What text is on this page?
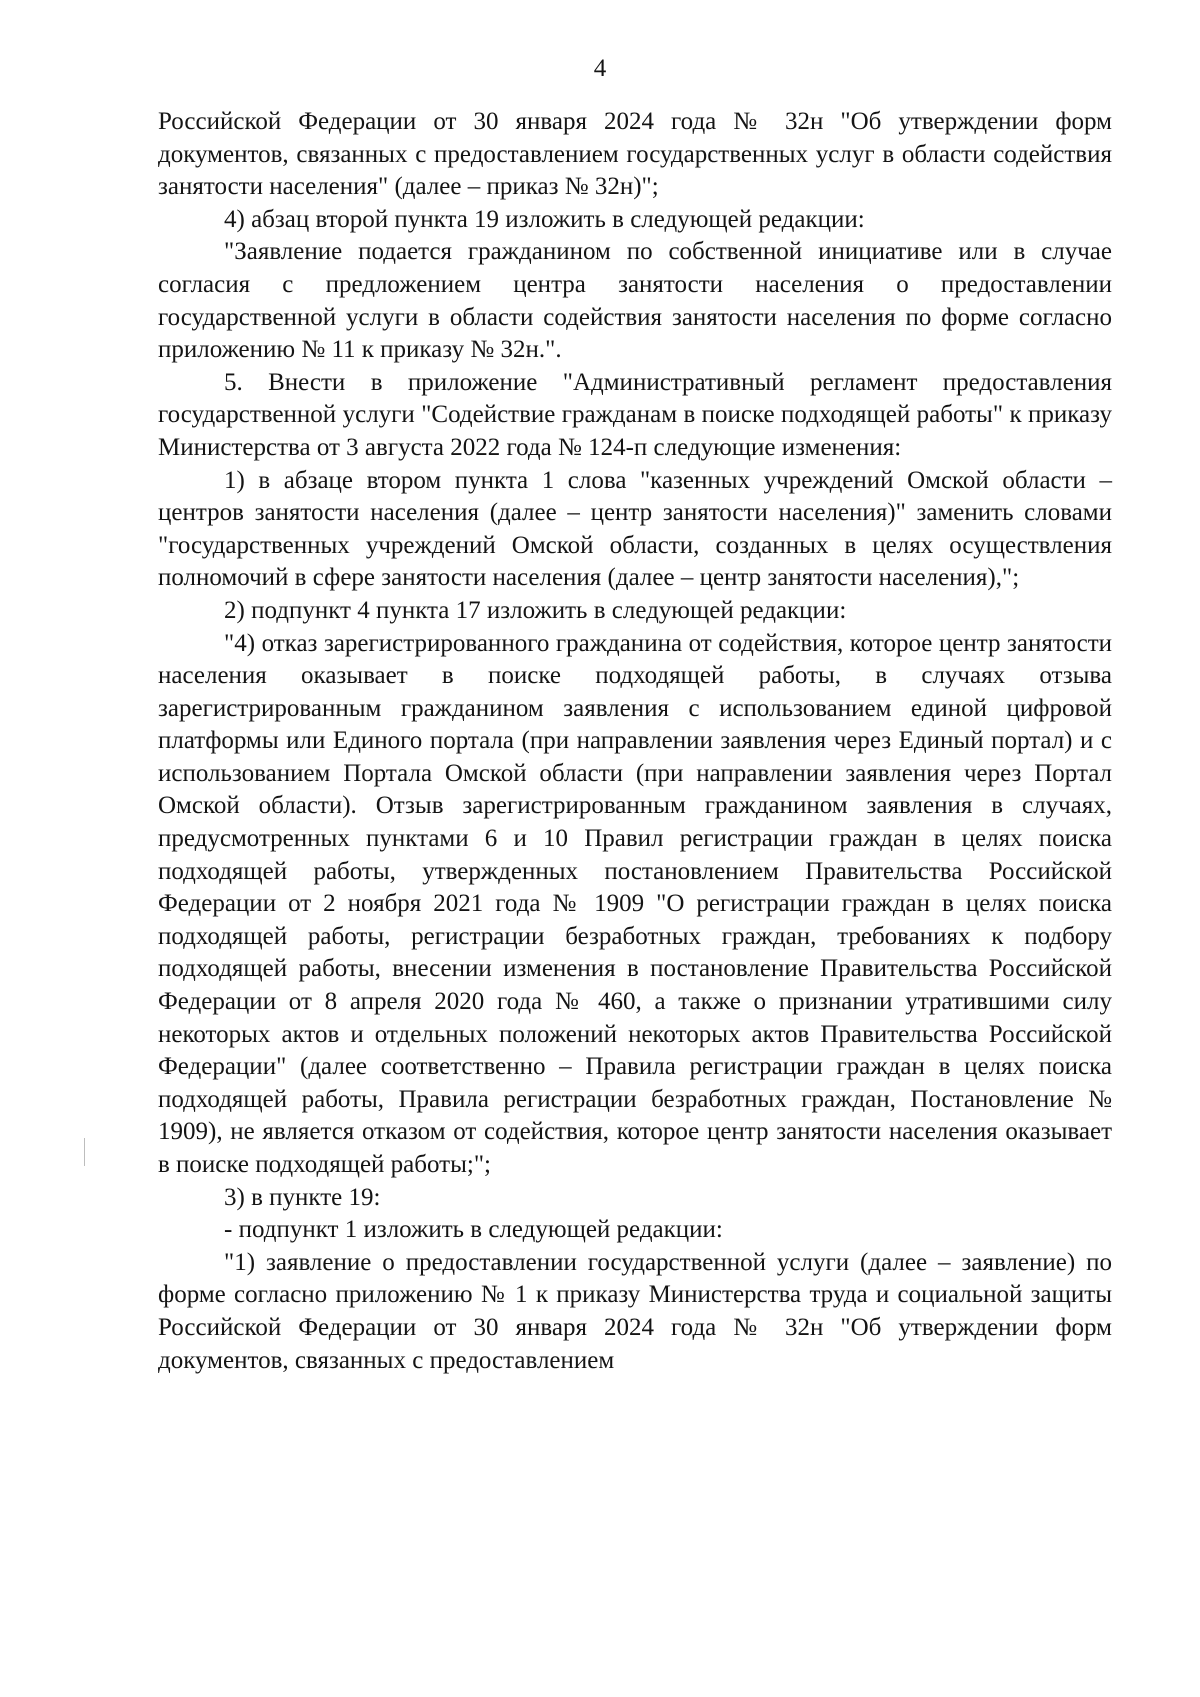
4

Российской Федерации от 30 января 2024 года № 32н "Об утверждении форм документов, связанных с предоставлением государственных услуг в области содействия занятости населения" (далее – приказ № 32н)";

4) абзац второй пункта 19 изложить в следующей редакции:

"Заявление подается гражданином по собственной инициативе или в случае согласия с предложением центра занятости населения о предоставлении государственной услуги в области содействия занятости населения по форме согласно приложению № 11 к приказу № 32н.".

5. Внести в приложение "Административный регламент предоставления государственной услуги "Содействие гражданам в поиске подходящей работы" к приказу Министерства от 3 августа 2022 года № 124-п следующие изменения:

1) в абзаце втором пункта 1 слова "казенных учреждений Омской области – центров занятости населения (далее – центр занятости населения)" заменить словами "государственных учреждений Омской области, созданных в целях осуществления полномочий в сфере занятости населения (далее – центр занятости населения),";

2) подпункт 4 пункта 17 изложить в следующей редакции:

"4) отказ зарегистрированного гражданина от содействия, которое центр занятости населения оказывает в поиске подходящей работы, в случаях отзыва зарегистрированным гражданином заявления с использованием единой цифровой платформы или Единого портала (при направлении заявления через Единый портал) и с использованием Портала Омской области (при направлении заявления через Портал Омской области). Отзыв зарегистрированным гражданином заявления в случаях, предусмотренных пунктами 6 и 10 Правил регистрации граждан в целях поиска подходящей работы, утвержденных постановлением Правительства Российской Федерации от 2 ноября 2021 года № 1909 "О регистрации граждан в целях поиска подходящей работы, регистрации безработных граждан, требованиях к подбору подходящей работы, внесении изменения в постановление Правительства Российской Федерации от 8 апреля 2020 года № 460, а также о признании утратившими силу некоторых актов и отдельных положений некоторых актов Правительства Российской Федерации" (далее соответственно – Правила регистрации граждан в целях поиска подходящей работы, Правила регистрации безработных граждан, Постановление № 1909), не является отказом от содействия, которое центр занятости населения оказывает в поиске подходящей работы;";

3) в пункте 19:

- подпункт 1 изложить в следующей редакции:

"1) заявление о предоставлении государственной услуги (далее – заявление) по форме согласно приложению № 1 к приказу Министерства труда и социальной защиты Российской Федерации от 30 января 2024 года № 32н "Об утверждении форм документов, связанных с предоставлением
